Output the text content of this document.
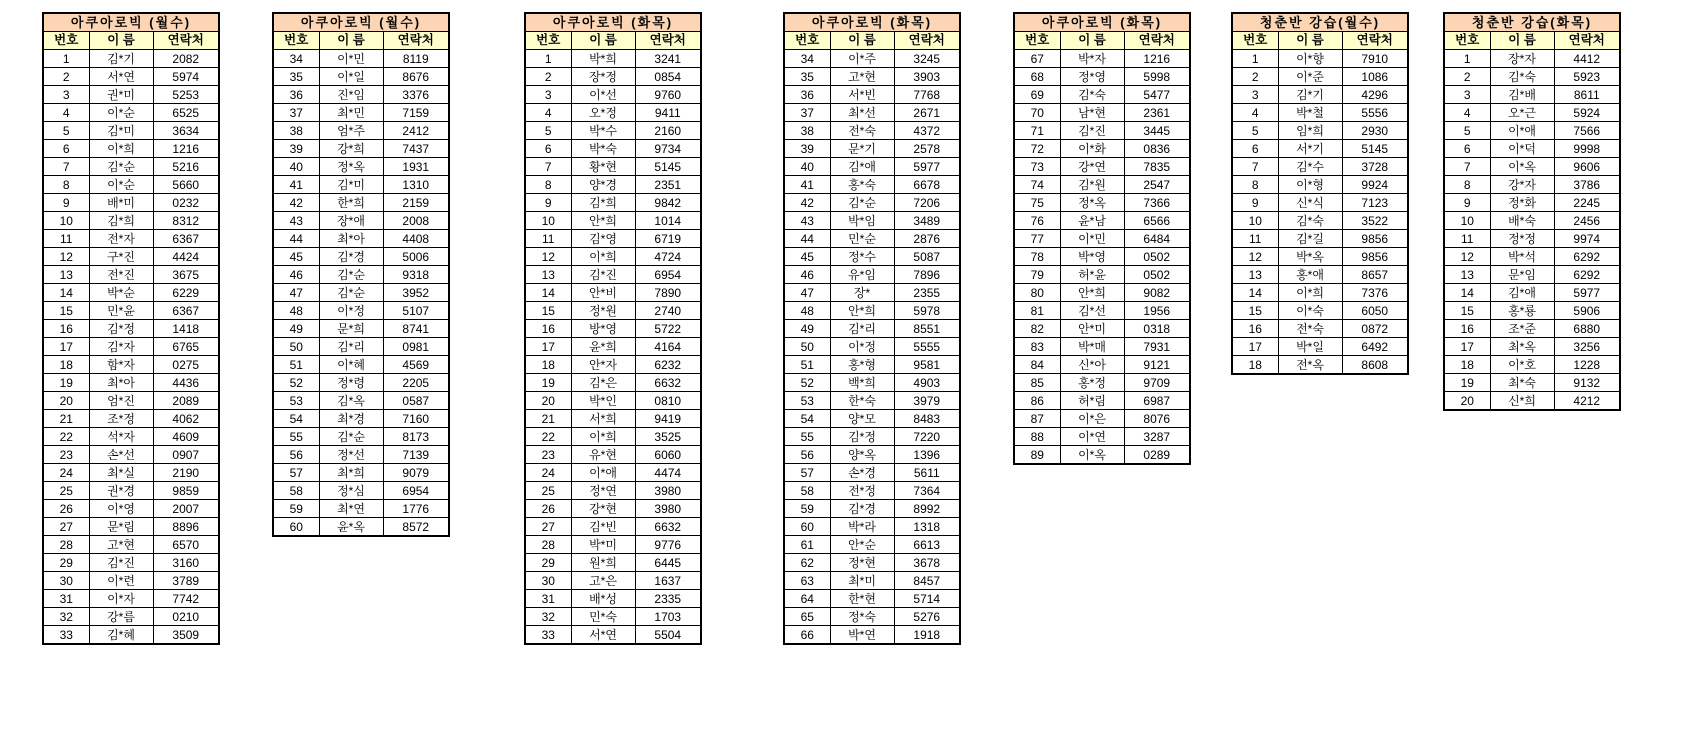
아쿠아로빅 (월수)		
번호	이 름	연락처
1	김*기	2082
2	서*연	5974
3	권*미	5253
4	이*순	6525
5	김*미	3634
6	이*희	1216
7	김*순	5216
8	이*순	5660
9	배*미	0232
10	김*희	8312
11	전*자	6367
12	구*진	4424
13	전*진	3675
14	박*순	6229
15	민*윤	6367
16	김*정	1418
17	김*자	6765
18	함*자	0275
19	최*아	4436
20	엄*진	2089
21	조*정	4062
22	석*자	4609
23	손*선	0907
24	최*실	2190
25	권*경	9859
26	이*영	2007
27	문*림	8896
28	고*현	6570
29	김*진	3160
30	이*련	3789
31	이*자	7742
32	강*름	0210
33	김*혜	3509
아쿠아로빅 (월수)		
번호	이 름	연락처
34	이*민	8119
35	이*일	8676
36	진*임	3376
37	최*민	7159
38	엄*주	2412
39	강*희	7437
40	정*옥	1931
41	김*미	1310
42	한*희	2159
43	장*애	2008
44	최*아	4408
45	김*경	5006
46	김*순	9318
47	김*순	3952
48	이*정	5107
49	문*희	8741
50	김*리	0981
51	이*혜	4569
52	정*령	2205
53	김*옥	0587
54	최*경	7160
55	김*순	8173
56	정*선	7139
57	최*희	9079
58	정*심	6954
59	최*연	1776
60	윤*옥	8572
아쿠아로빅 (화목)		
번호	이 름	연락처
1	박*희	3241
2	장*정	0854
3	이*선	9760
4	오*정	9411
5	박*수	2160
6	박*숙	9734
7	황*현	5145
8	양*경	2351
9	김*희	9842
10	안*희	1014
11	김*영	6719
12	이*희	4724
13	김*진	6954
14	안*비	7890
15	정*원	2740
16	방*영	5722
17	윤*희	4164
18	안*자	6232
19	김*은	6632
20	박*인	0810
21	서*희	9419
22	이*희	3525
23	유*현	6060
24	이*애	4474
25	정*연	3980
26	강*현	3980
27	김*빈	6632
28	박*미	9776
29	원*희	6445
30	고*은	1637
31	배*성	2335
32	민*숙	1703
33	서*연	5504
아쿠아로빅 (화목)		
번호	이 름	연락처
34	이*주	3245
35	고*현	3903
36	서*빈	7768
37	최*선	2671
38	전*숙	4372
39	문*기	2578
40	김*애	5977
41	홍*숙	6678
42	김*순	7206
43	박*임	3489
44	민*순	2876
45	정*수	5087
46	유*임	7896
47	장*	2355
48	안*희	5978
49	김*리	8551
50	이*정	5555
51	홍*형	9581
52	백*희	4903
53	한*숙	3979
54	양*모	8483
55	김*정	7220
56	양*옥	1396
57	손*경	5611
58	전*정	7364
59	김*경	8992
60	박*라	1318
61	안*순	6613
62	정*현	3678
63	최*미	8457
64	한*현	5714
65	정*숙	5276
66	박*연	1918
아쿠아로빅 (화목)		
번호	이 름	연락처
67	박*자	1216
68	정*영	5998
69	김*숙	5477
70	남*현	2361
71	김*진	3445
72	이*화	0836
73	강*연	7835
74	김*원	2547
75	정*옥	7366
76	윤*남	6566
77	이*민	6484
78	박*영	0502
79	허*윤	0502
80	안*희	9082
81	김*선	1956
82	안*미	0318
83	박*매	7931
84	신*아	9121
85	홍*정	9709
86	허*림	6987
87	이*은	8076
88	이*연	3287
89	이*옥	0289
청춘반 강습(월수)		
번호	이 름	연락처
1	이*향	7910
2	이*준	1086
3	김*기	4296
4	박*철	5556
5	임*희	2930
6	서*기	5145
7	김*수	3728
8	이*형	9924
9	신*식	7123
10	김*숙	3522
11	김*길	9856
12	박*옥	9856
13	홍*애	8657
14	이*희	7376
15	이*숙	6050
16	전*숙	0872
17	박*일	6492
18	전*옥	8608
청춘반 강습(화목)		
번호	이 름	연락처
1	장*자	4412
2	김*숙	5923
3	김*배	8611
4	오*근	5924
5	이*애	7566
6	이*덕	9998
7	이*옥	9606
8	강*자	3786
9	정*화	2245
10	배*숙	2456
11	정*정	9974
12	박*석	6292
13	문*임	6292
14	김*애	5977
15	홍*룡	5906
16	조*준	6880
17	최*옥	3256
18	이*호	1228
19	최*숙	9132
20	신*희	4212
